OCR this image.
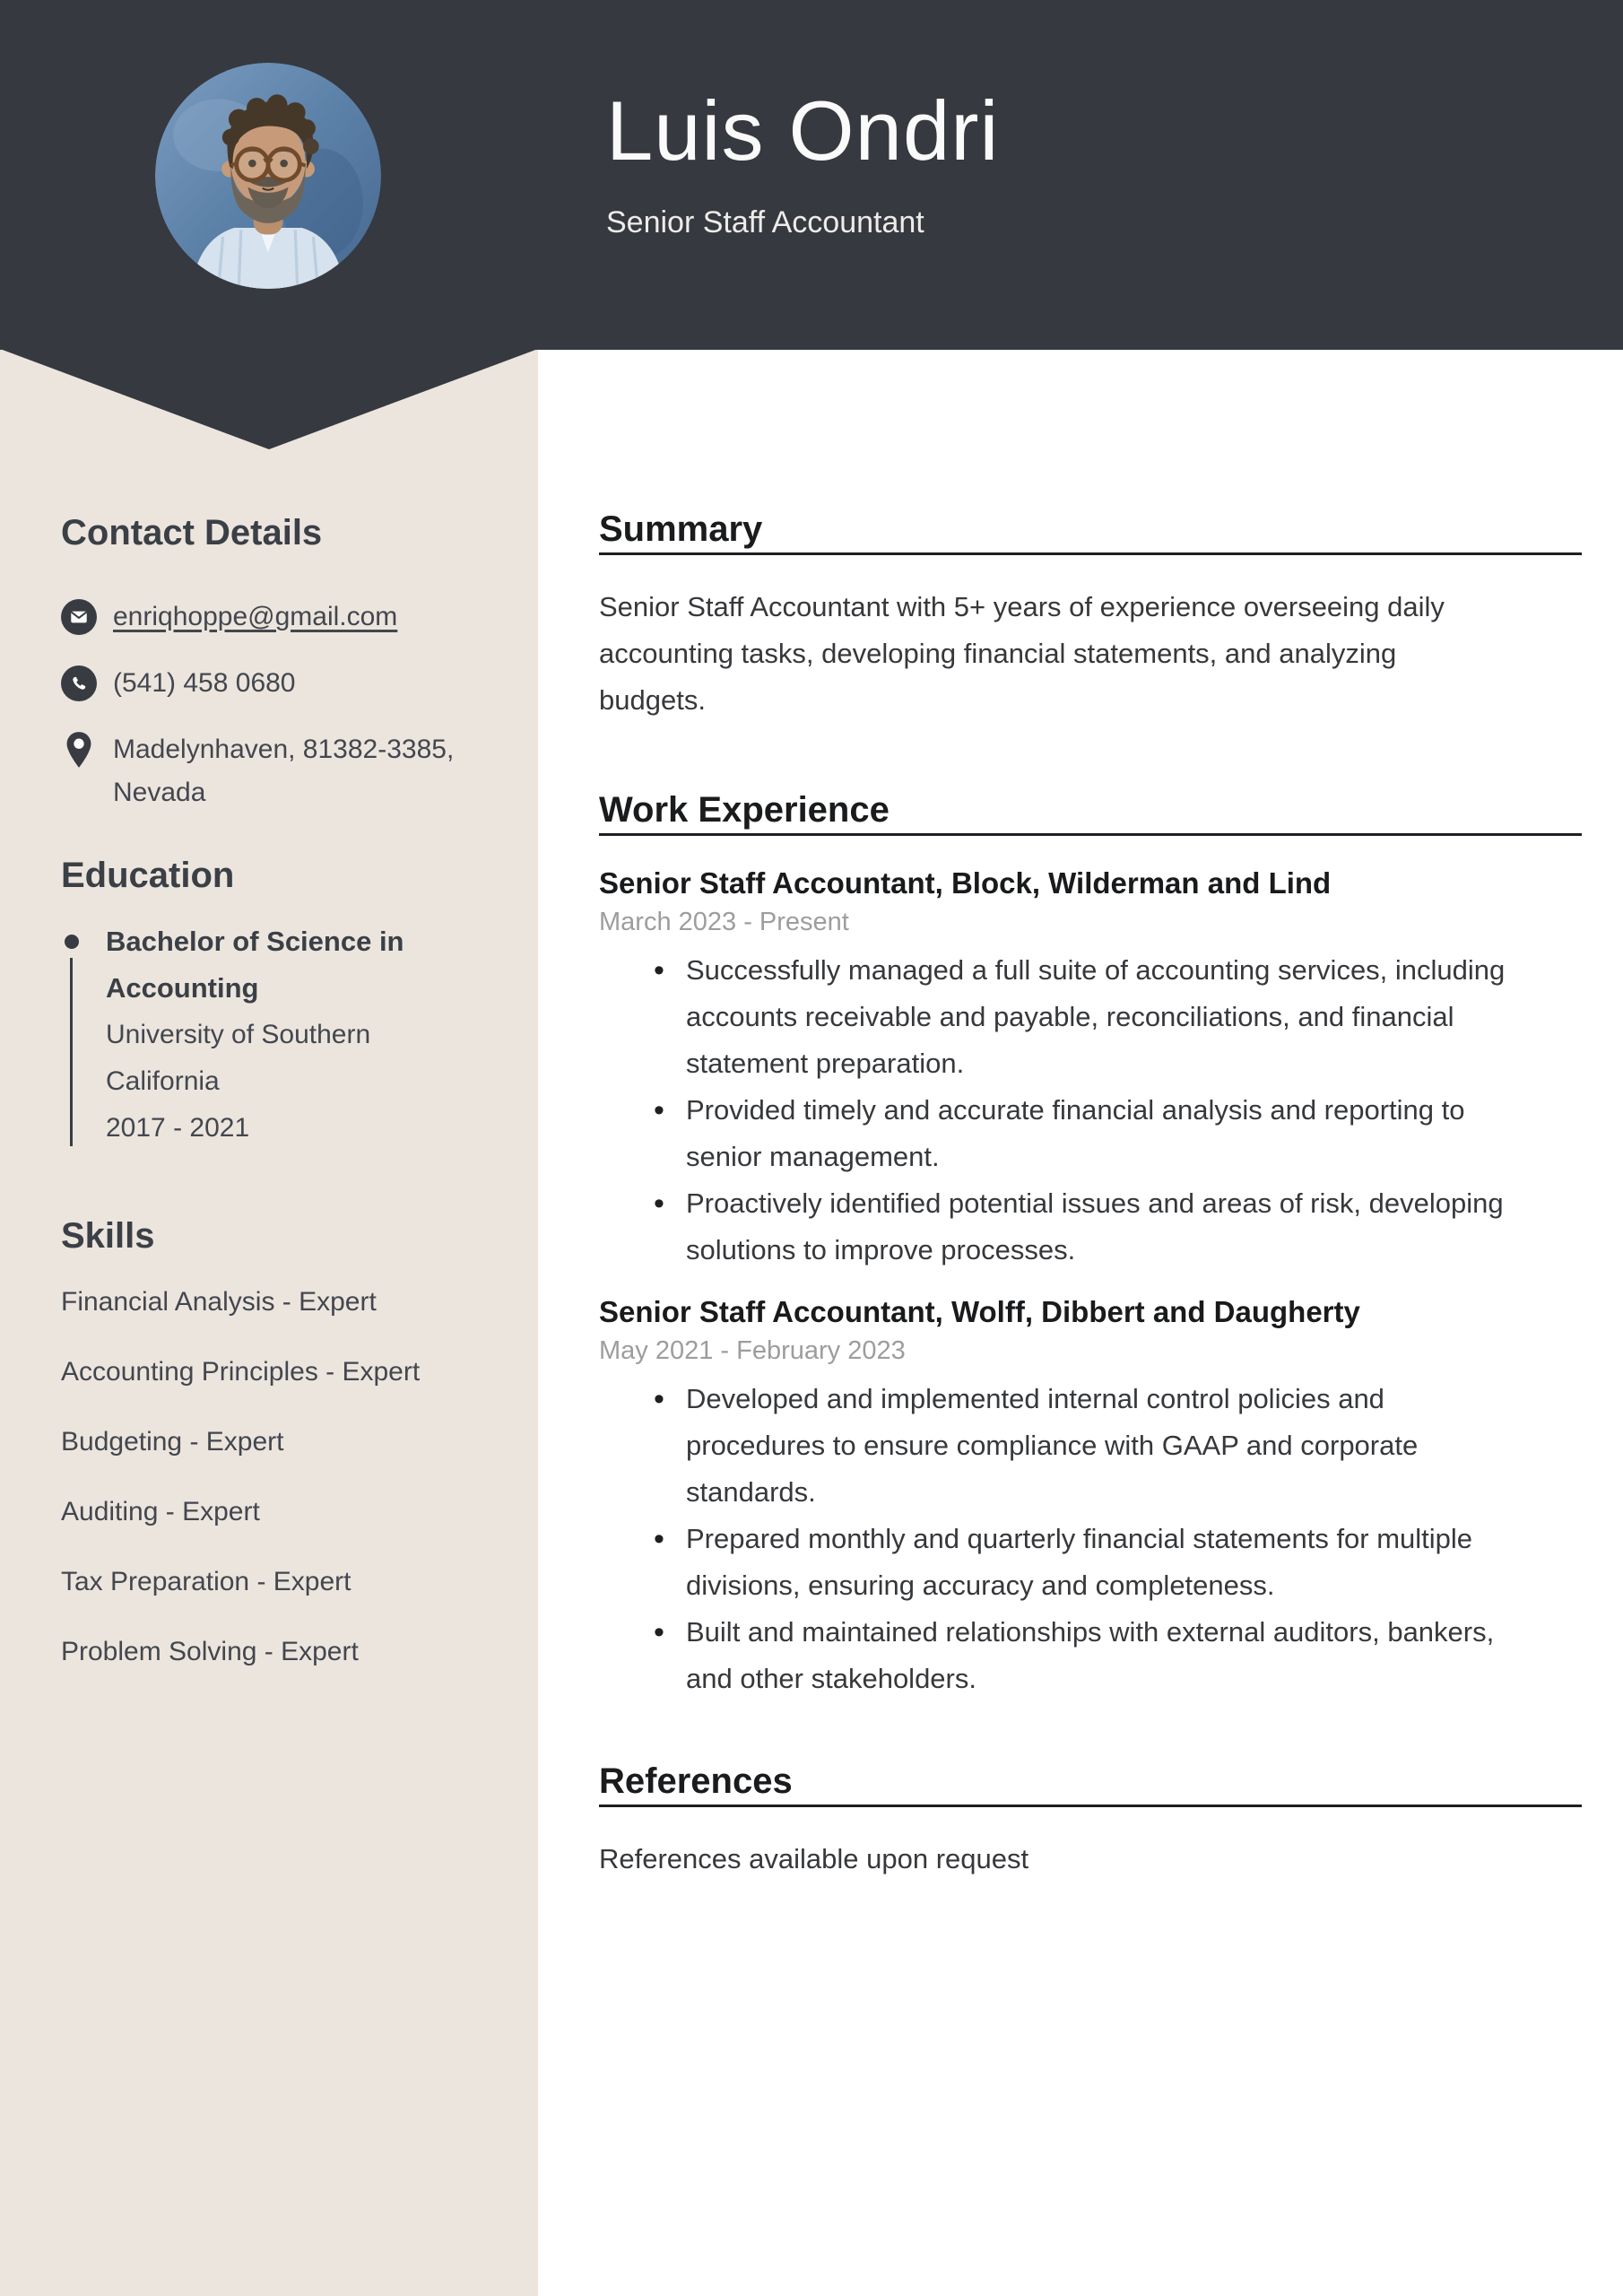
Luis Ondri
Senior Staff Accountant
Contact Details
enriqhoppe@gmail.com
(541) 458 0680
Madelynhaven, 81382-3385, Nevada
Education
Bachelor of Science in Accounting
University of Southern California
2017 - 2021
Skills
Financial Analysis - Expert
Accounting Principles - Expert
Budgeting - Expert
Auditing - Expert
Tax Preparation - Expert
Problem Solving - Expert
Summary

Senior Staff Accountant with 5+ years of experience overseeing daily accounting tasks, developing financial statements, and analyzing budgets.

Work Experience
Senior Staff Accountant, Block, Wilderman and Lind
March 2023 - Present
• Successfully managed a full suite of accounting services, including accounts receivable and payable, reconciliations, and financial statement preparation.
• Provided timely and accurate financial analysis and reporting to senior management.
• Proactively identified potential issues and areas of risk, developing solutions to improve processes.
Senior Staff Accountant, Wolff, Dibbert and Daugherty
May 2021 - February 2023
• Developed and implemented internal control policies and procedures to ensure compliance with GAAP and corporate standards.
• Prepared monthly and quarterly financial statements for multiple divisions, ensuring accuracy and completeness.
• Built and maintained relationships with external auditors, bankers, and other stakeholders.
References

References available upon request
